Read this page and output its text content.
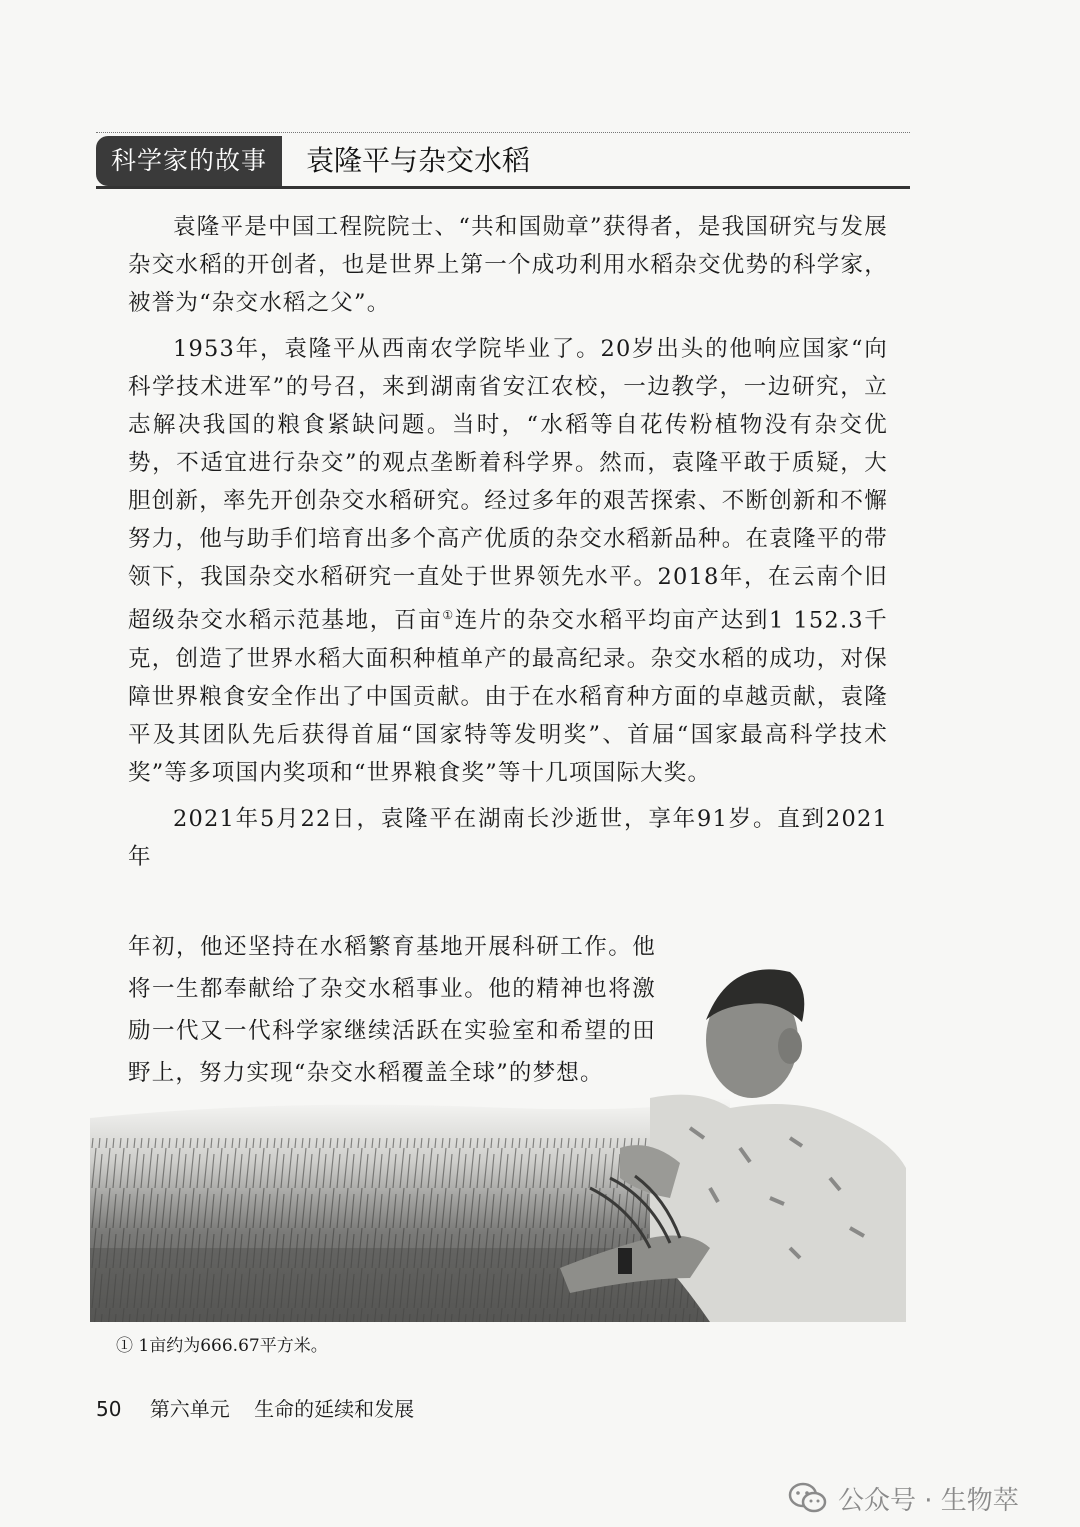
科学家的故事	袁隆平与杂交水稻

袁隆平是中国工程院院士、“共和国勋章”获得者，是我国研究与发展杂交水稻的开创者，也是世界上第一个成功利用水稻杂交优势的科学家，被誉为“杂交水稻之父”。

1953年，袁隆平从西南农学院毕业了。20岁出头的他响应国家“向科学技术进军”的号召，来到湖南省安江农校，一边教学，一边研究，立志解决我国的粮食紧缺问题。当时，“水稻等自花传粉植物没有杂交优势，不适宜进行杂交”的观点垄断着科学界。然而，袁隆平敢于质疑，大胆创新，率先开创杂交水稻研究。经过多年的艰苦探索、不断创新和不懈努力，他与助手们培育出多个高产优质的杂交水稻新品种。在袁隆平的带领下，我国杂交水稻研究一直处于世界领先水平。2018年，在云南个旧超级杂交水稻示范基地，百亩①连片的杂交水稻平均亩产达到1 152.3千克，创造了世界水稻大面积种植单产的最高纪录。杂交水稻的成功，对保障世界粮食安全作出了中国贡献。由于在水稻育种方面的卓越贡献，袁隆平及其团队先后获得首届“国家特等发明奖”、首届“国家最高科学技术奖”等多项国内奖项和“世界粮食奖”等十几项国际大奖。

2021年5月22日，袁隆平在湖南长沙逝世，享年91岁。直到2021年

年初，他还坚持在水稻繁育基地开展科研工作。他将一生都奉献给了杂交水稻事业。他的精神也将激励一代又一代科学家继续活跃在实验室和希望的田野上，努力实现“杂交水稻覆盖全球”的梦想。

① 1亩约为666.67平方米。
50 第六单元 生命的延续和发展
公众号 · 生物萃
